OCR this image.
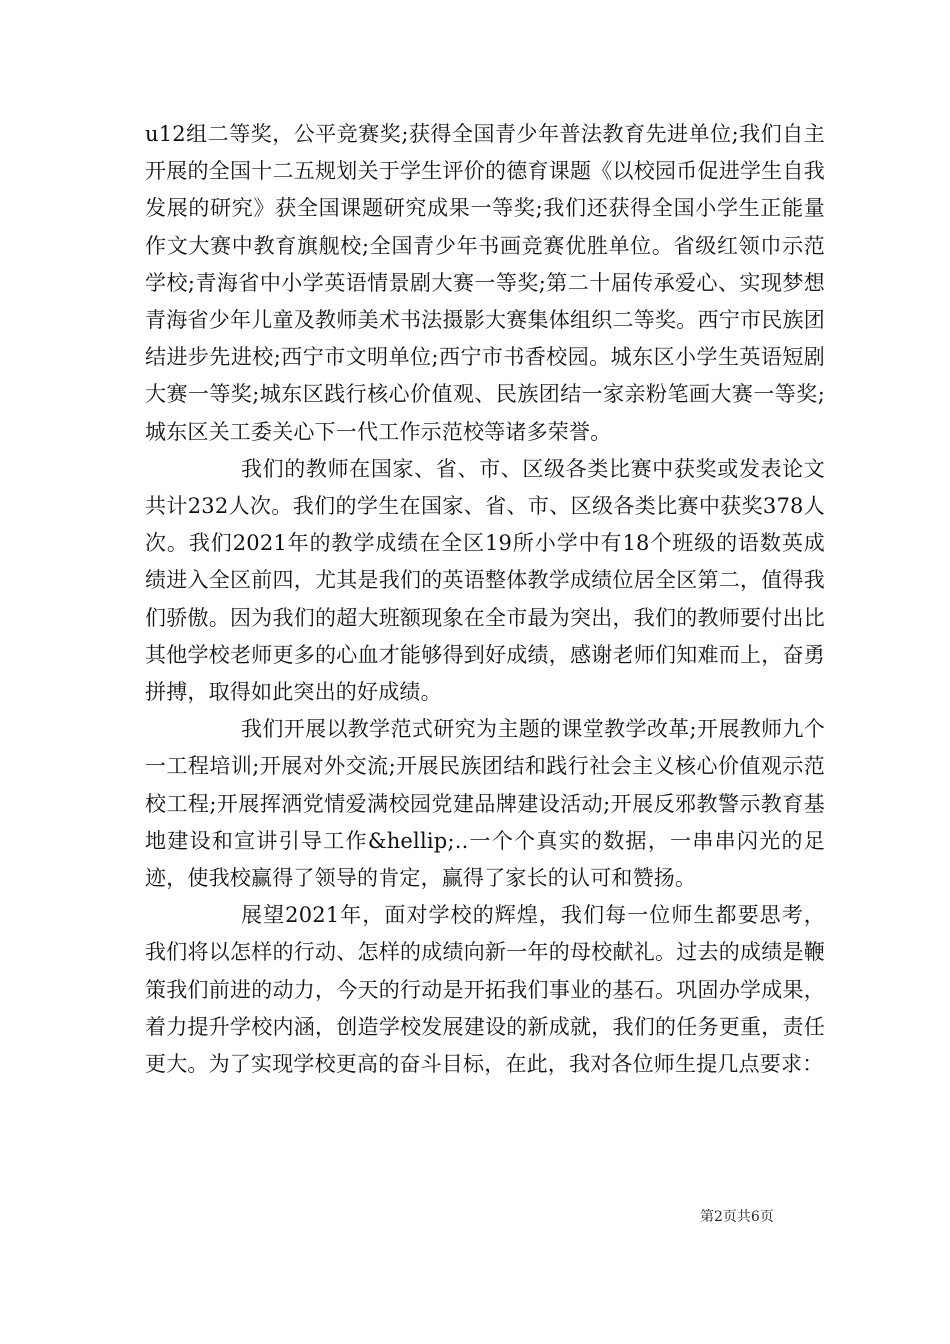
u12组二等奖，公平竞赛奖;获得全国青少年普法教育先进单位;我们自主开展的全国十二五规划关于学生评价的德育课题《以校园币促进学生自我发展的研究》获全国课题研究成果一等奖;我们还获得全国小学生正能量作文大赛中教育旗舰校;全国青少年书画竞赛优胜单位。省级红领巾示范学校;青海省中小学英语情景剧大赛一等奖;第二十届传承爱心、实现梦想青海省少年儿童及教师美术书法摄影大赛集体组织二等奖。西宁市民族团结进步先进校;西宁市文明单位;西宁市书香校园。城东区小学生英语短剧大赛一等奖;城东区践行核心价值观、民族团结一家亲粉笔画大赛一等奖;城东区关工委关心下一代工作示范校等诸多荣誉。

我们的教师在国家、省、市、区级各类比赛中获奖或发表论文共计232人次。我们的学生在国家、省、市、区级各类比赛中获奖378人次。我们2021年的教学成绩在全区19所小学中有18个班级的语数英成绩进入全区前四，尤其是我们的英语整体教学成绩位居全区第二，值得我们骄傲。因为我们的超大班额现象在全市最为突出，我们的教师要付出比其他学校老师更多的心血才能够得到好成绩，感谢老师们知难而上，奋勇拼搏，取得如此突出的好成绩。

我们开展以教学范式研究为主题的课堂教学改革;开展教师九个一工程培训;开展对外交流;开展民族团结和践行社会主义核心价值观示范校工程;开展挥洒党情爱满校园党建品牌建设活动;开展反邪教警示教育基地建设和宣讲引导工作&hellip;..一个个真实的数据，一串串闪光的足迹，使我校赢得了领导的肯定，赢得了家长的认可和赞扬。

展望2021年，面对学校的辉煌，我们每一位师生都要思考，我们将以怎样的行动、怎样的成绩向新一年的母校献礼。过去的成绩是鞭策我们前进的动力，今天的行动是开拓我们事业的基石。巩固办学成果，着力提升学校内涵，创造学校发展建设的新成就，我们的任务更重，责任更大。为了实现学校更高的奋斗目标，在此，我对各位师生提几点要求：

第2页共6页
